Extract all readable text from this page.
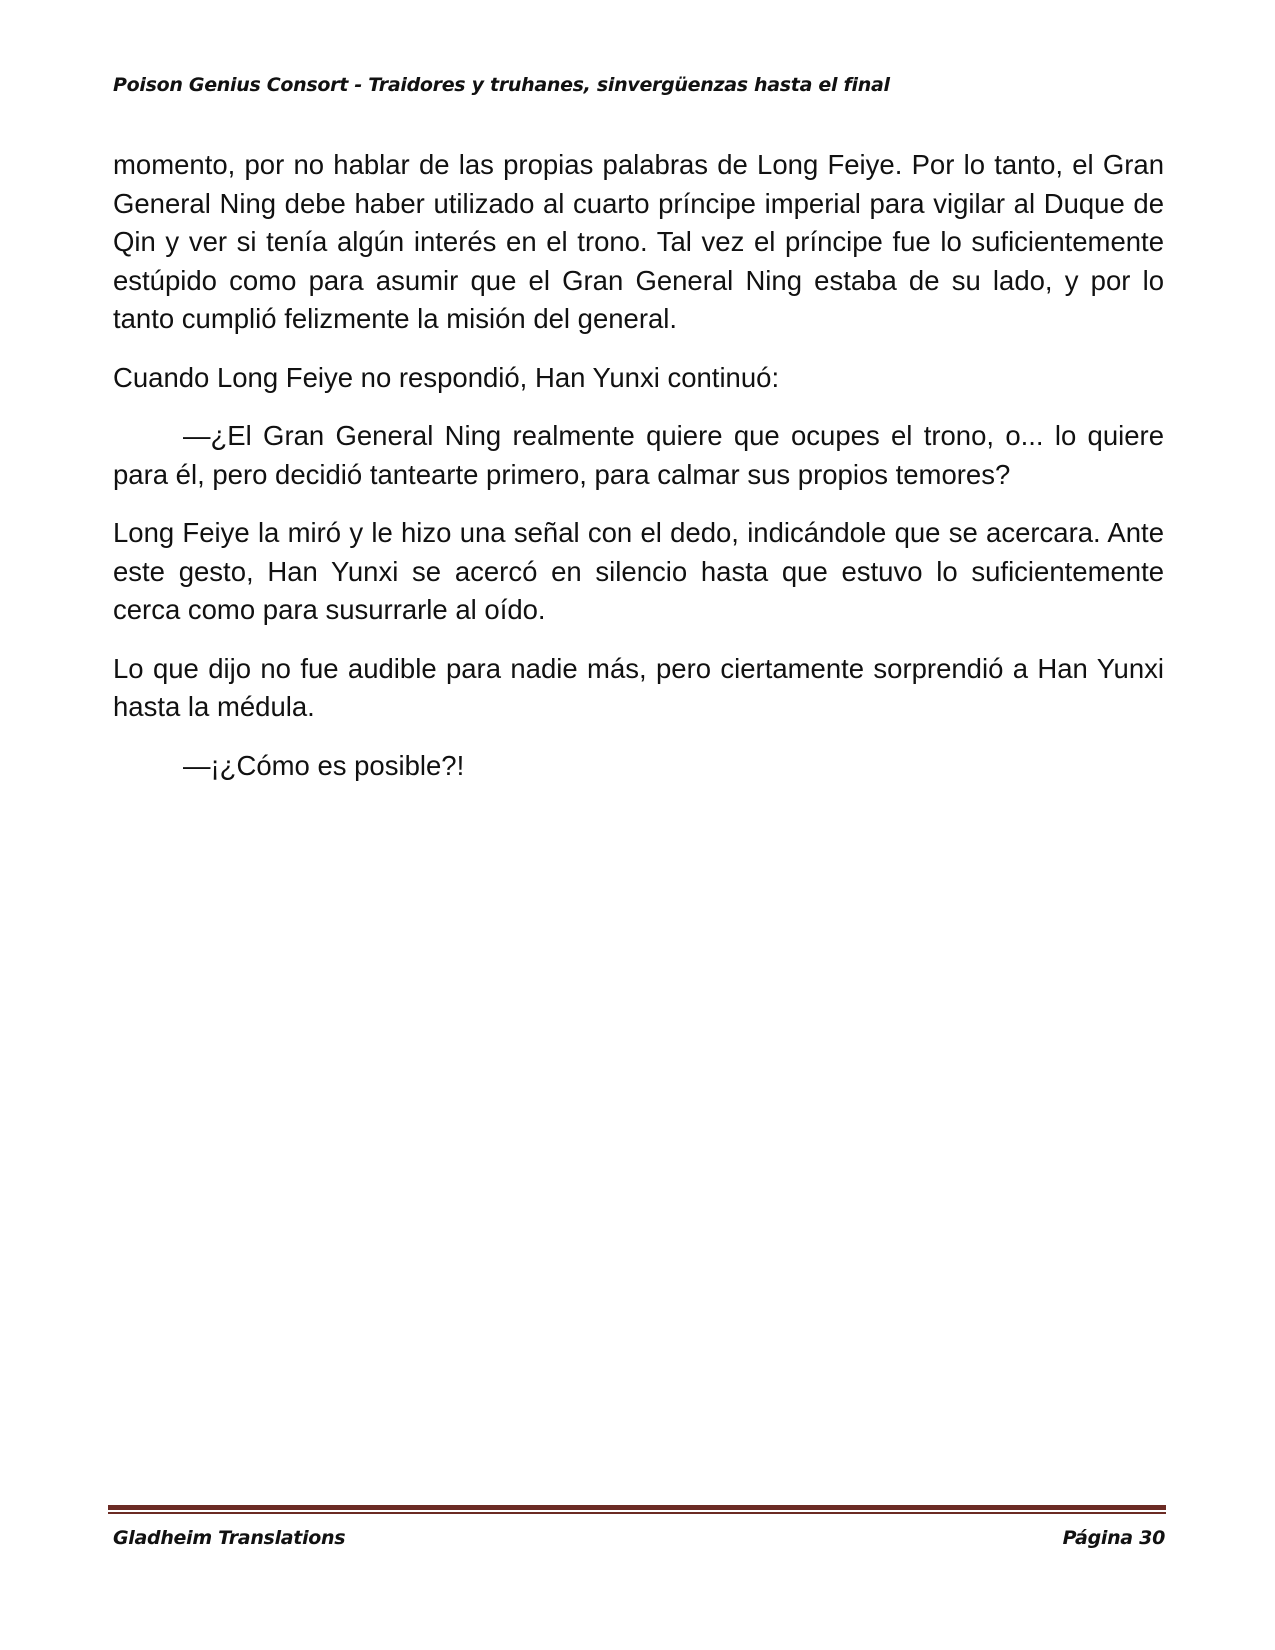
Poison Genius Consort - Traidores y truhanes, sinvergüenzas hasta el final

momento, por no hablar de las propias palabras de Long Feiye. Por lo tanto, el Gran General Ning debe haber utilizado al cuarto príncipe imperial para vigilar al Duque de Qin y ver si tenía algún interés en el trono. Tal vez el príncipe fue lo suficientemente estúpido como para asumir que el Gran General Ning estaba de su lado, y por lo tanto cumplió felizmente la misión del general.

Cuando Long Feiye no respondió, Han Yunxi continuó:

—¿El Gran General Ning realmente quiere que ocupes el trono, o... lo quiere para él, pero decidió tantearte primero, para calmar sus propios temores?

Long Feiye la miró y le hizo una señal con el dedo, indicándole que se acercara. Ante este gesto, Han Yunxi se acercó en silencio hasta que estuvo lo suficientemente cerca como para susurrarle al oído.

Lo que dijo no fue audible para nadie más, pero ciertamente sorprendió a Han Yunxi hasta la médula.

—¡¿Cómo es posible?!

Gladheim Translations	Página 30
